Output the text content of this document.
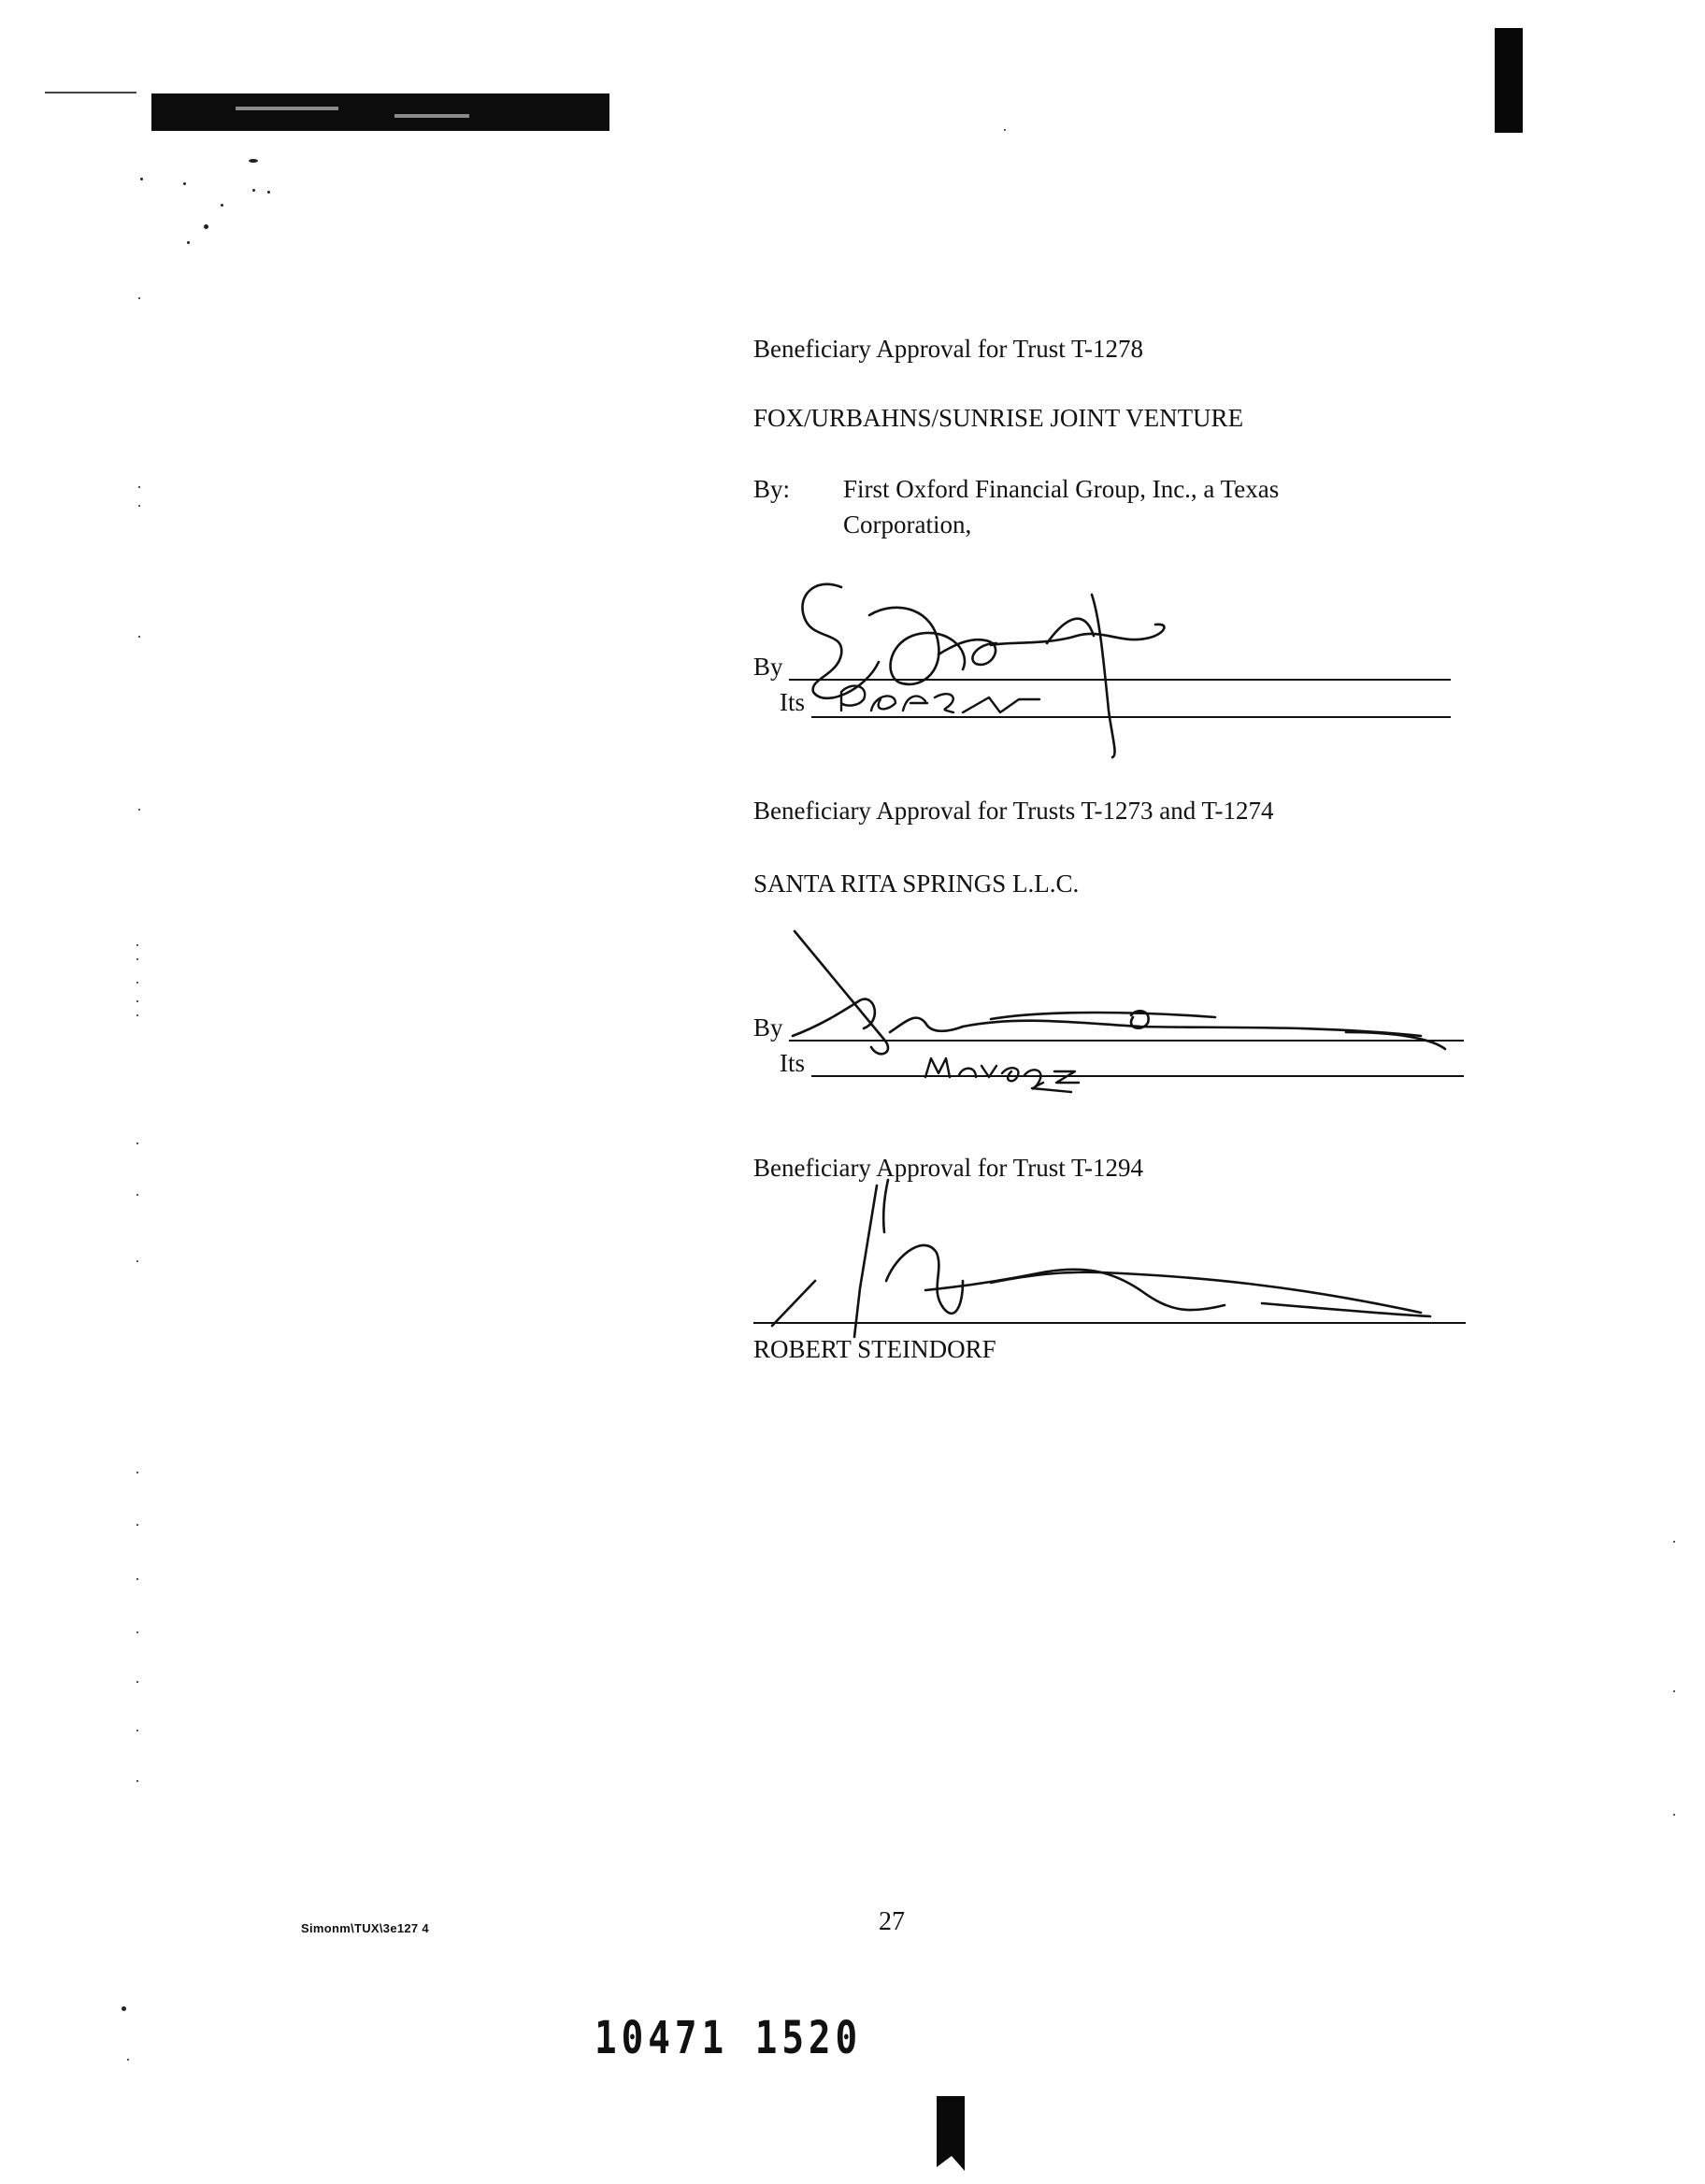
Beneficiary Approval for Trust T-1278
FOX/URBAHNS/SUNRISE JOINT VENTURE
By: First Oxford Financial Group, Inc., a Texas
Corporation,
By
Its
Beneficiary Approval for Trusts T-1273 and T-1274
SANTA RITA SPRINGS L.L.C.
By
Its
Beneficiary Approval for Trust T-1294
ROBERT STEINDORF
Simonm\TUX\3e127 4	27
10471 1520
